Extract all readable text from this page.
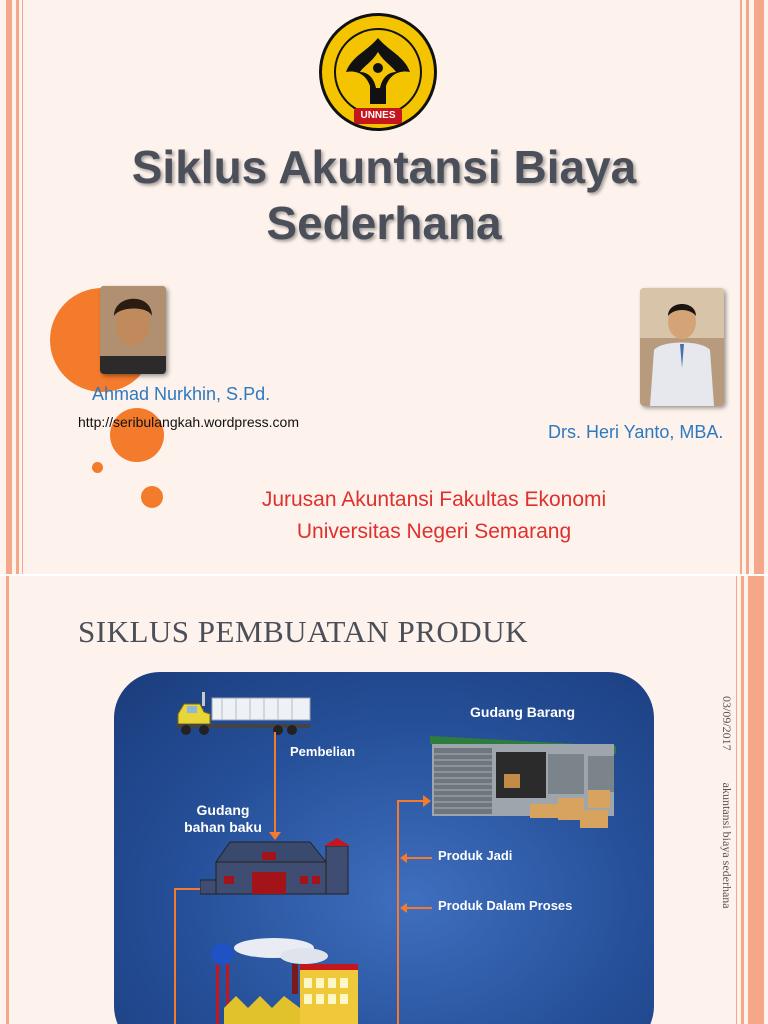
UNNES
Siklus Akuntansi Biaya
Sederhana
Ahmad Nurkhin, S.Pd.
http://seribulangkah.wordpress.com	Drs. Heri Yanto, MBA.
Jurusan Akuntansi Fakultas Ekonomi
Universitas Negeri Semarang
SIKLUS PEMBUATAN PRODUK
03/09/2017  akuntansi biaya sederhana
Pembelian
Gudang
bahan baku
Gudang Barang
Produk Jadi
Produk Dalam Proses
